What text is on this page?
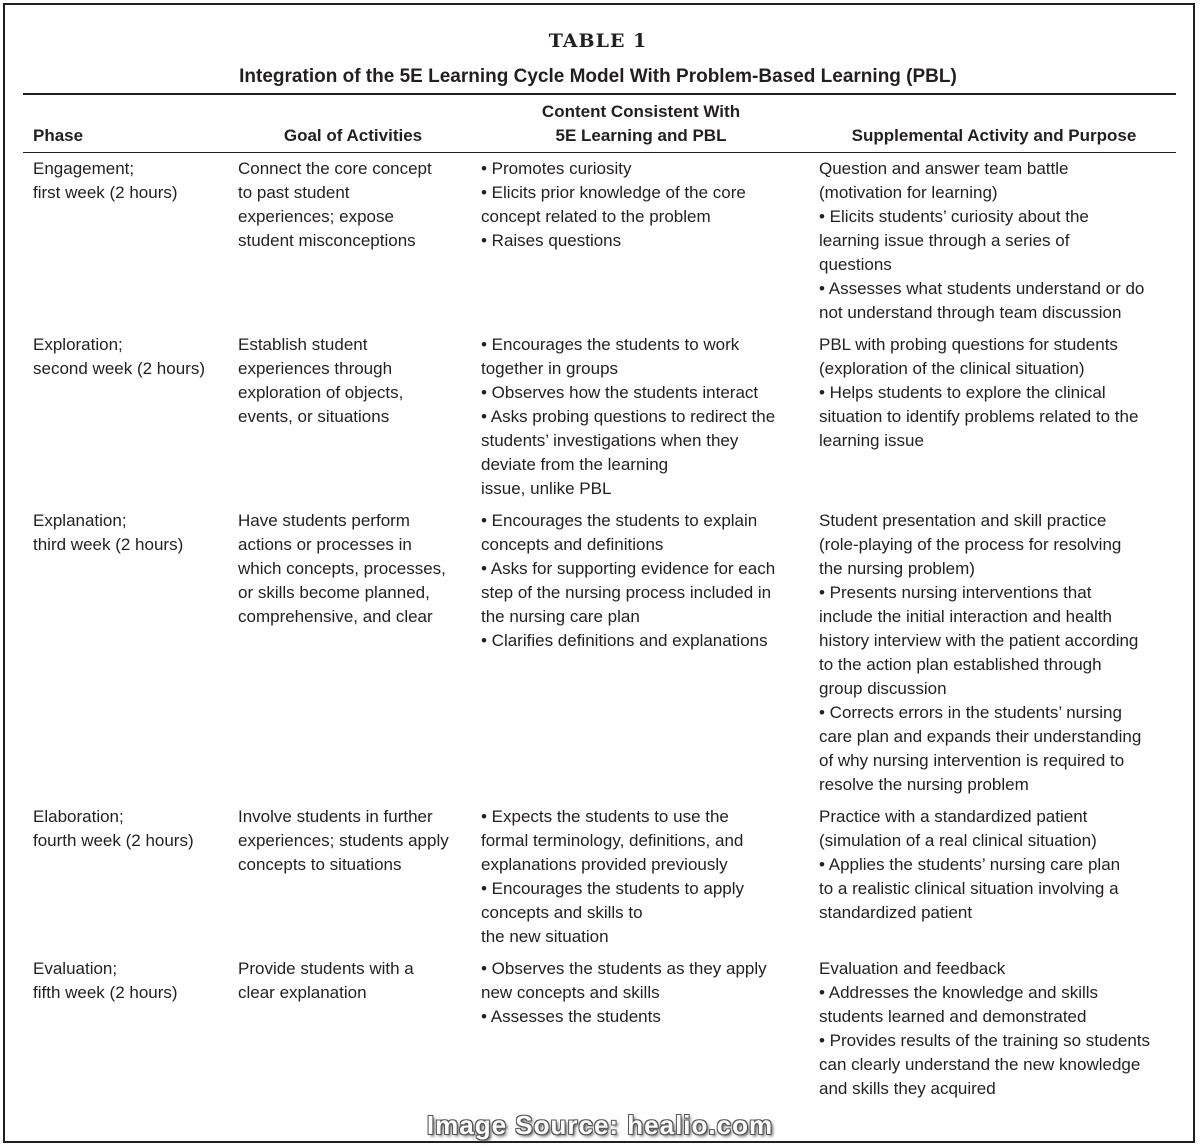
TABLE 1
Integration of the 5E Learning Cycle Model With Problem-Based Learning (PBL)
Phase	Goal of Activities
Content Consistent With
5E Learning and PBL	Supplemental Activity and Purpose
Engagement;
first week (2 hours)
Connect the core concept
to past student
experiences; expose
student misconceptions
• Promotes curiosity
• Elicits prior knowledge of the core
concept related to the problem
• Raises questions
Question and answer team battle
(motivation for learning)
• Elicits students’ curiosity about the
learning issue through a series of
questions
• Assesses what students understand or do
not understand through team discussion
Exploration;
second week (2 hours)
Establish student
experiences through
exploration of objects,
events, or situations
• Encourages the students to work
together in groups
• Observes how the students interact
• Asks probing questions to redirect the
students’ investigations when they
deviate from the learning
issue, unlike PBL
PBL with probing questions for students
(exploration of the clinical situation)
• Helps students to explore the clinical
situation to identify problems related to the
learning issue
Explanation;
third week (2 hours)
Have students perform
actions or processes in
which concepts, processes,
or skills become planned,
comprehensive, and clear
• Encourages the students to explain
concepts and definitions
• Asks for supporting evidence for each
step of the nursing process included in
the nursing care plan
• Clarifies definitions and explanations
Student presentation and skill practice
(role-playing of the process for resolving
the nursing problem)
• Presents nursing interventions that
include the initial interaction and health
history interview with the patient according
to the action plan established through
group discussion
• Corrects errors in the students’ nursing
care plan and expands their understanding
of why nursing intervention is required to
resolve the nursing problem
Elaboration;
fourth week (2 hours)
Involve students in further
experiences; students apply
concepts to situations
• Expects the students to use the
formal terminology, definitions, and
explanations provided previously
• Encourages the students to apply
concepts and skills to
the new situation
Practice with a standardized patient
(simulation of a real clinical situation)
• Applies the students’ nursing care plan
to a realistic clinical situation involving a
standardized patient
Evaluation;
fifth week (2 hours)
Provide students with a
clear explanation
• Observes the students as they apply
new concepts and skills
• Assesses the students
Evaluation and feedback
• Addresses the knowledge and skills
students learned and demonstrated
• Provides results of the training so students
can clearly understand the new knowledge
and skills they acquired
Image Source: healio.com
